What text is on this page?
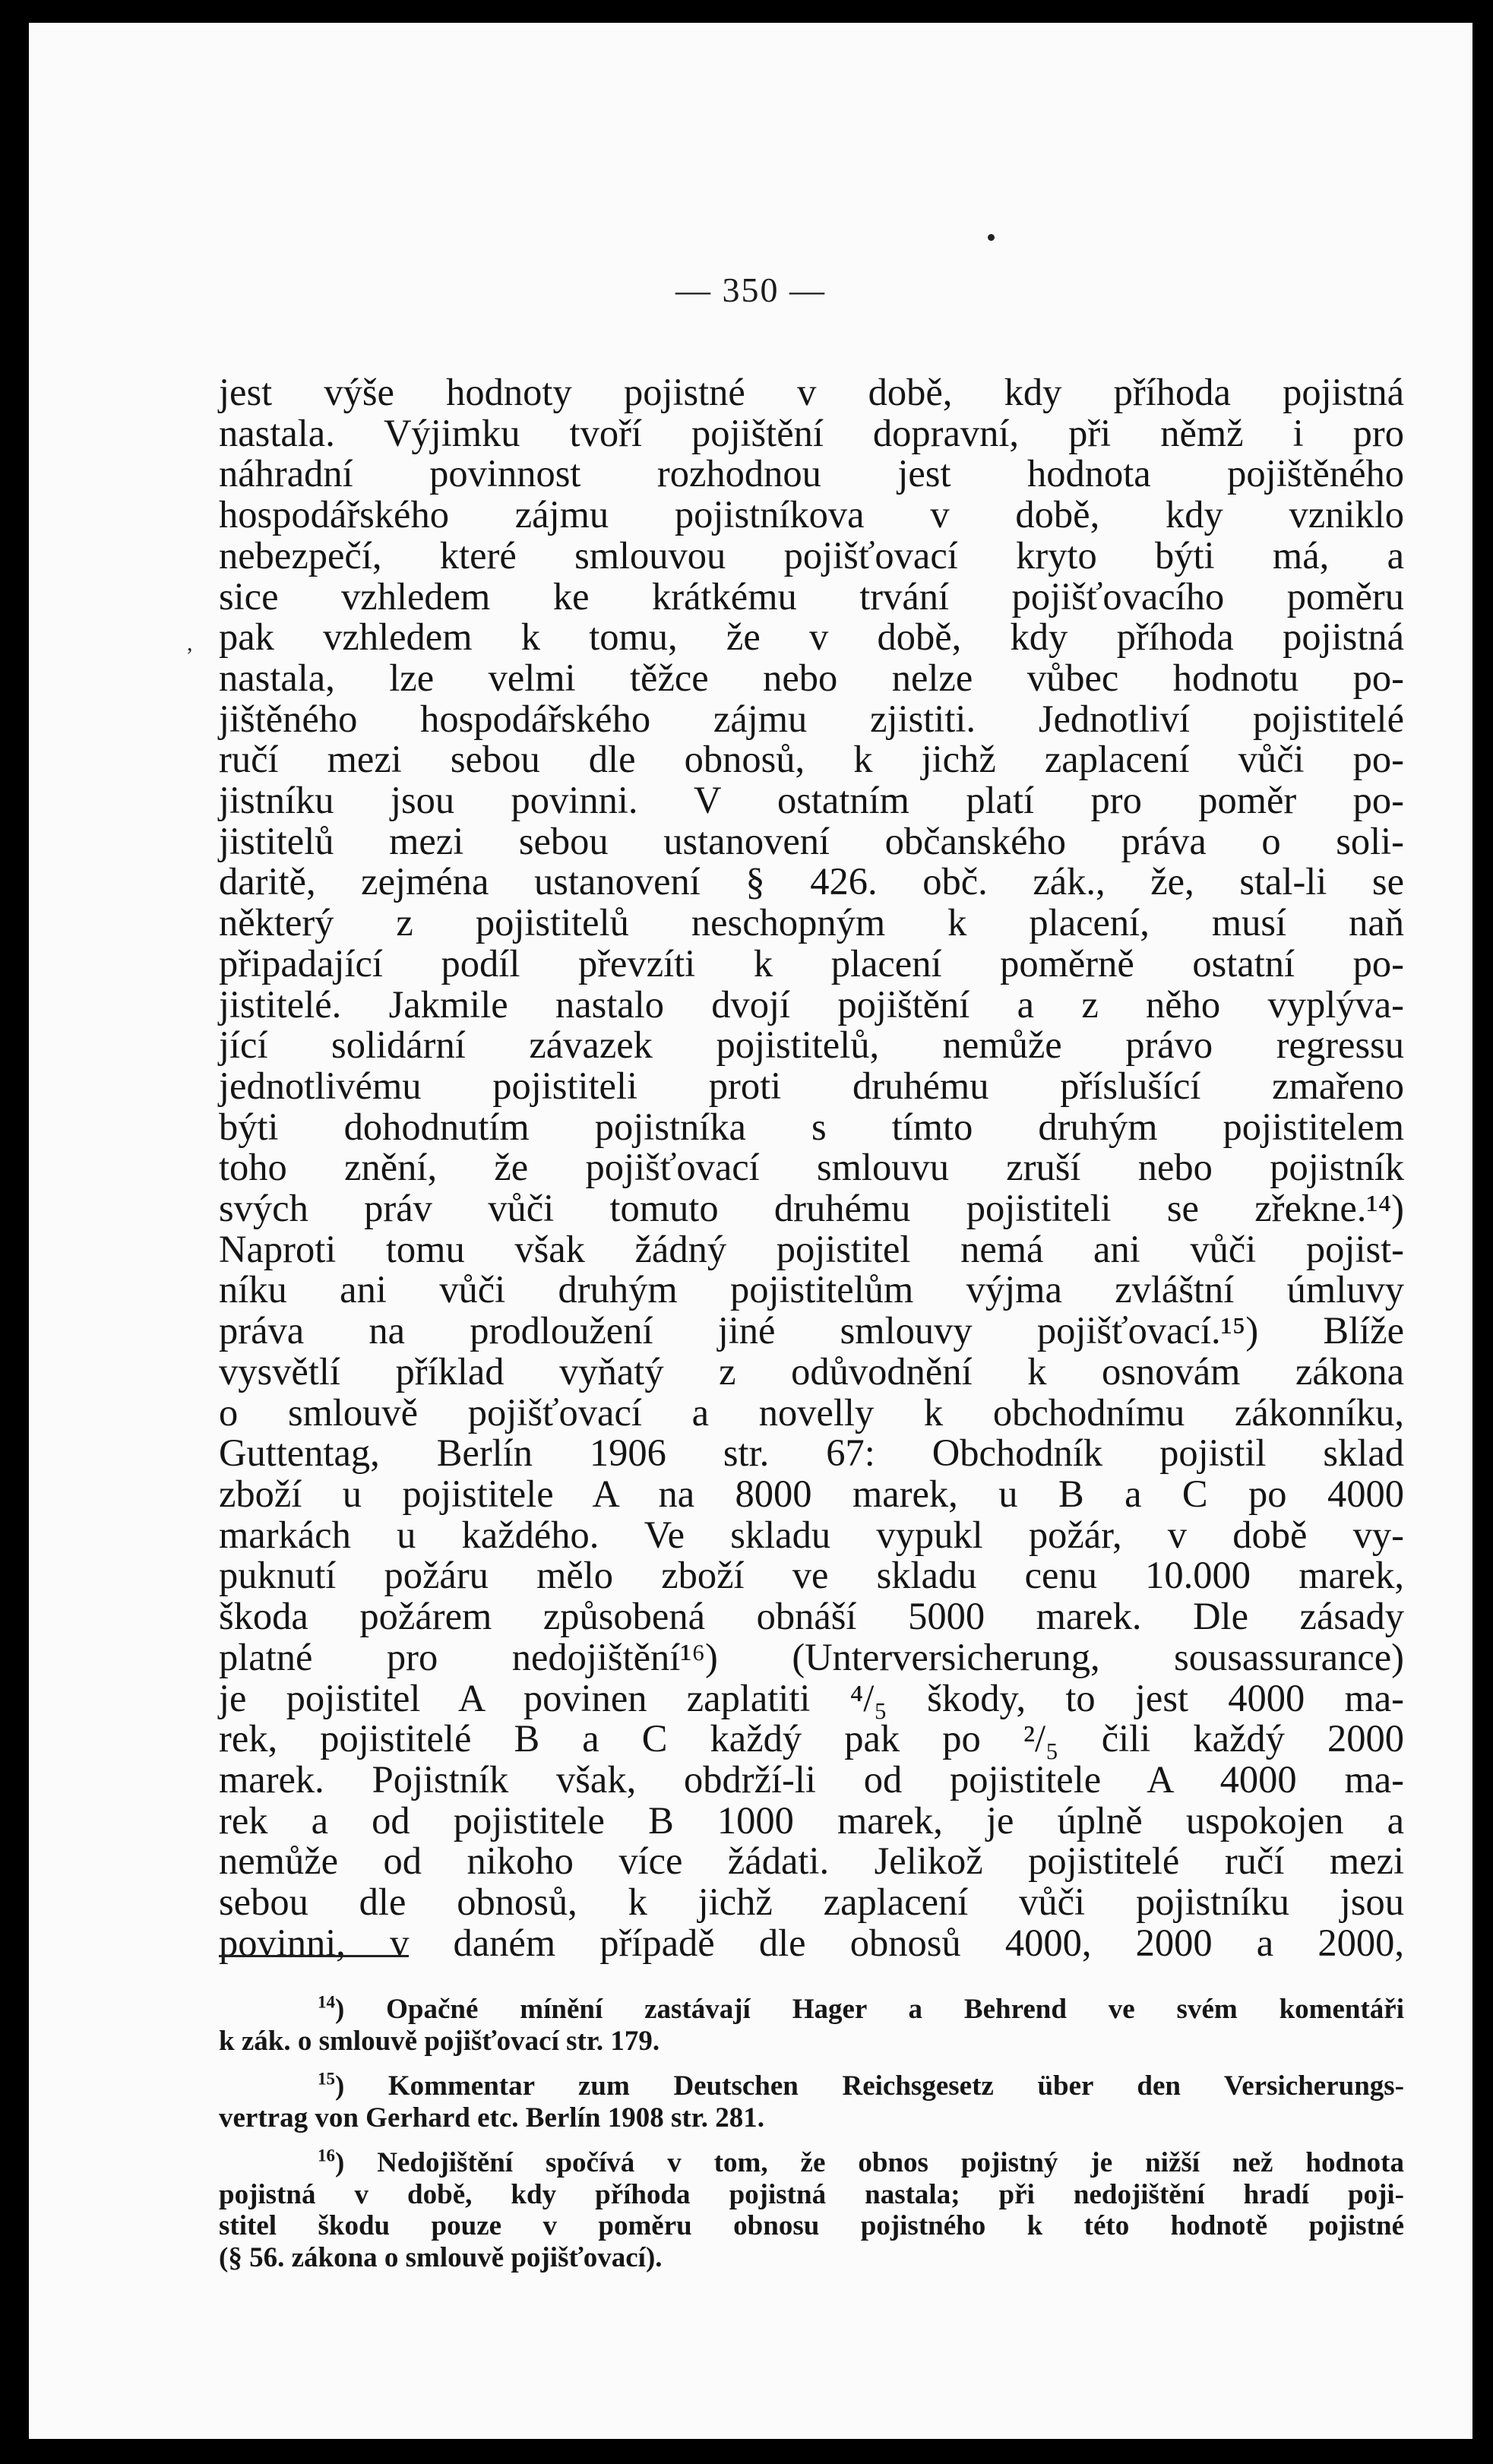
— 350 —
,
jest výše hodnoty pojistné v době, kdy příhoda pojistná
nastala. Výjimku tvoří pojištění dopravní, při němž i pro
náhradní povinnost rozhodnou jest hodnota pojištěného
hospodářského zájmu pojistníkova v době, kdy vzniklo
nebezpečí, které smlouvou pojišťovací kryto býti má, a
sice vzhledem ke krátkému trvání pojišťovacího poměru
pak vzhledem k tomu, že v době, kdy příhoda pojistná
nastala, lze velmi těžce nebo nelze vůbec hodnotu po-
jištěného hospodářského zájmu zjistiti. Jednotliví pojistitelé
ručí mezi sebou dle obnosů, k jichž zaplacení vůči po-
jistníku jsou povinni. V ostatním platí pro poměr po-
jistitelů mezi sebou ustanovení občanského práva o soli-
daritě, zejména ustanovení § 426. obč. zák., že, stal-li se
některý z pojistitelů neschopným k placení, musí naň
připadající podíl převzíti k placení poměrně ostatní po-
jistitelé. Jakmile nastalo dvojí pojištění a z něho vyplýva-
jící solidární závazek pojistitelů, nemůže právo regressu
jednotlivému pojistiteli proti druhému příslušící zmařeno
býti dohodnutím pojistníka s tímto druhým pojistitelem
toho znění, že pojišťovací smlouvu zruší nebo pojistník
svých práv vůči tomuto druhému pojistiteli se zřekne.¹⁴)
Naproti tomu však žádný pojistitel nemá ani vůči pojist-
níku ani vůči druhým pojistitelům výjma zvláštní úmluvy
práva na prodloužení jiné smlouvy pojišťovací.¹⁵) Blíže
vysvětlí příklad vyňatý z odůvodnění k osnovám zákona
o smlouvě pojišťovací a novelly k obchodnímu zákonníku,
Guttentag, Berlín 1906 str. 67: Obchodník pojistil sklad
zboží u pojistitele A na 8000 marek, u B a C po 4000
markách u každého. Ve skladu vypukl požár, v době vy-
puknutí požáru mělo zboží ve skladu cenu 10.000 marek,
škoda požárem způsobená obnáší 5000 marek. Dle zásady
platné pro nedojištění¹⁶) (Unterversicherung, sousassurance)
je pojistitel A povinen zaplatiti ⁴/₅ škody, to jest 4000 ma-
rek, pojistitelé B a C každý pak po ²/₅ čili každý 2000
marek. Pojistník však, obdrží-li od pojistitele A 4000 ma-
rek a od pojistitele B 1000 marek, je úplně uspokojen a
nemůže od nikoho více žádati. Jelikož pojistitelé ručí mezi
sebou dle obnosů, k jichž zaplacení vůči pojistníku jsou
povinni, v daném případě dle obnosů 4000, 2000 a 2000,
$^{14}$) Opačné mínění zastávají Hager a Behrend ve svém komentáři
k zák. o smlouvě pojišťovací str. 179.
$^{15}$) Kommentar zum Deutschen Reichsgesetz über den Versicherungs-
vertrag von Gerhard etc. Berlín 1908 str. 281.
$^{16}$) Nedojištění spočívá v tom, že obnos pojistný je nižší než hodnota
pojistná v době, kdy příhoda pojistná nastala; při nedojištění hradí poji-
stitel škodu pouze v poměru obnosu pojistného k této hodnotě pojistné
(§ 56. zákona o smlouvě pojišťovací).
